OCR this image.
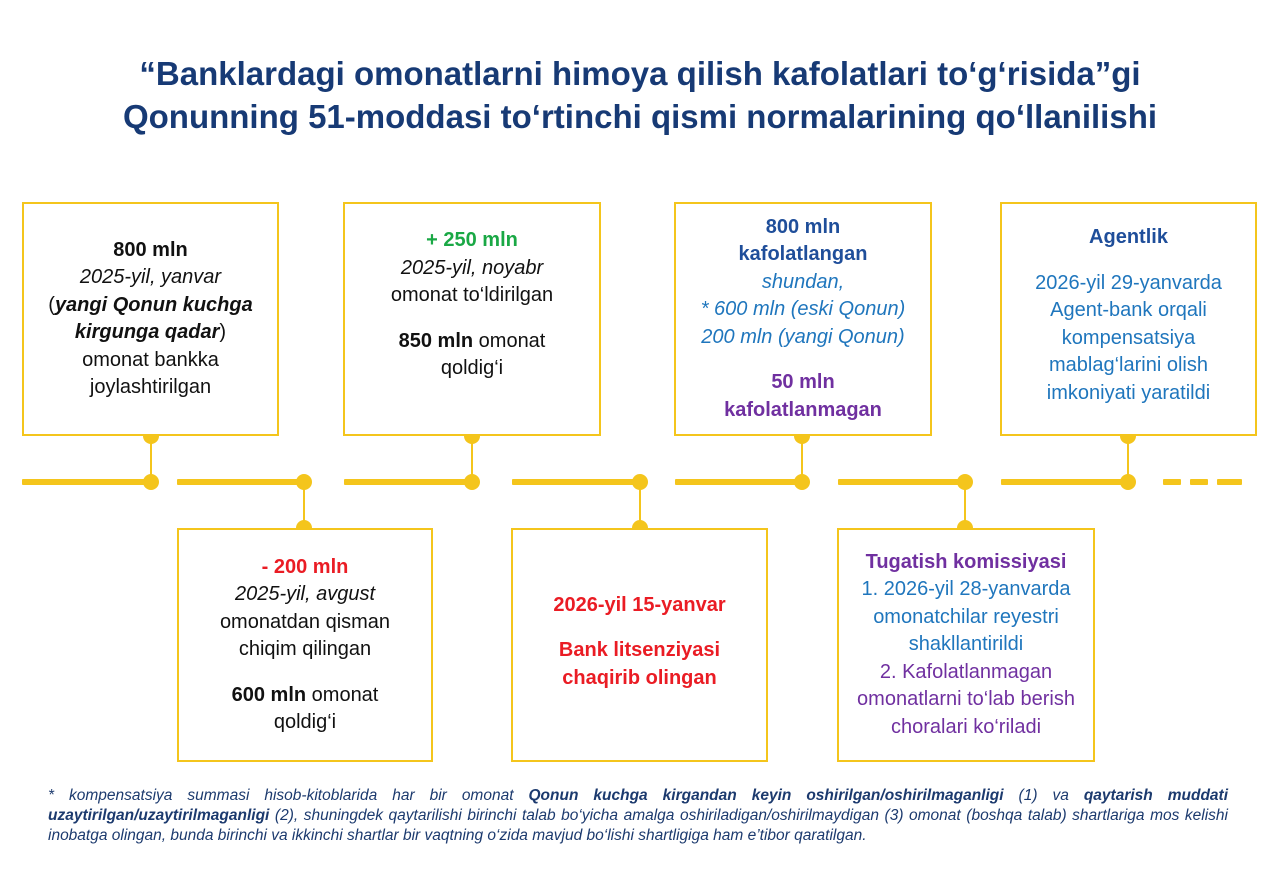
“Banklardagi omonatlarni himoya qilish kafolatlari to‘g‘risida”gi
Qonunning 51-moddasi to‘rtinchi qismi normalarining qo‘llanilishi

800 mln

2025-yil, yanvar

(yangi Qonun kuchga kirgunga qadar)

omonat bankka joylashtirilgan

- 200 mln

2025-yil, avgust

omonatdan qisman chiqim qilingan

600 mln omonat qoldig‘i

+ 250 mln

2025-yil, noyabr

omonat to‘ldirilgan

850 mln omonat qoldig‘i

2026-yil 15-yanvar

Bank litsenziyasi chaqirib olingan

800 mln

kafolatlangan

shundan,

* 600 mln (eski Qonun)

200 mln (yangi Qonun)

50 mln

kafolatlanmagan

Tugatish komissiyasi

1. 2026-yil 28-yanvarda omonatchilar reyestri shakllantirildi

2. Kafolatlanmagan omonatlarni to‘lab berish choralari ko‘riladi

Agentlik

2026-yil 29-yanvarda Agent-bank orqali kompensatsiya mablag‘larini olish imkoniyati yaratildi

* kompensatsiya summasi hisob-kitoblarida har bir omonat Qonun kuchga kirgandan keyin oshirilgan/oshirilmaganligi (1) va qaytarish muddati uzaytirilgan/uzaytirilmaganligi (2), shuningdek qaytarilishi birinchi talab bo‘yicha amalga oshiriladigan/oshirilmaydigan (3) omonat (boshqa talab) shartlariga mos kelishi inobatga olingan, bunda birinchi va ikkinchi shartlar bir vaqtning o‘zida mavjud bo‘lishi shartligiga ham e’tibor qaratilgan.
